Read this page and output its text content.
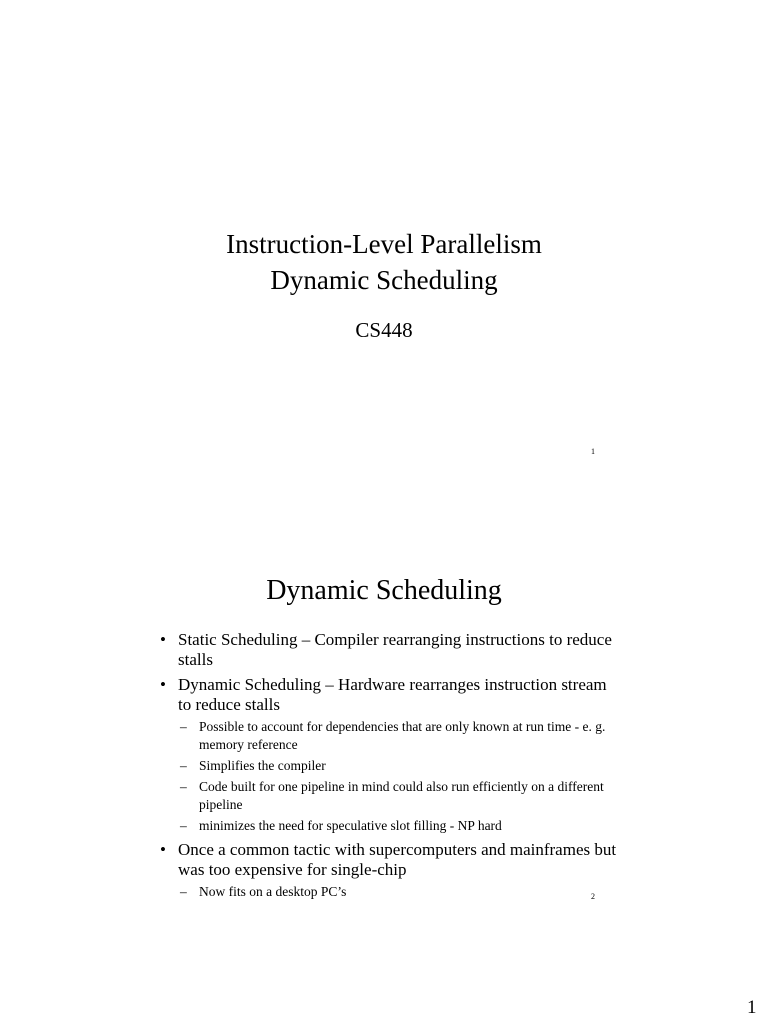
Instruction-Level Parallelism
Dynamic Scheduling
CS448
1
Dynamic Scheduling
• Static Scheduling – Compiler rearranging instructions to reduce stalls
• Dynamic Scheduling – Hardware rearranges instruction stream to reduce stalls
– Possible to account for dependencies that are only known at run time - e. g. memory reference
– Simplifies the compiler
– Code built for one pipeline in mind could also run efficiently on a different pipeline
– minimizes the need for speculative slot filling - NP hard
• Once a common tactic with supercomputers and mainframes but was too expensive for single-chip
– Now fits on a desktop PC’s	2
1
